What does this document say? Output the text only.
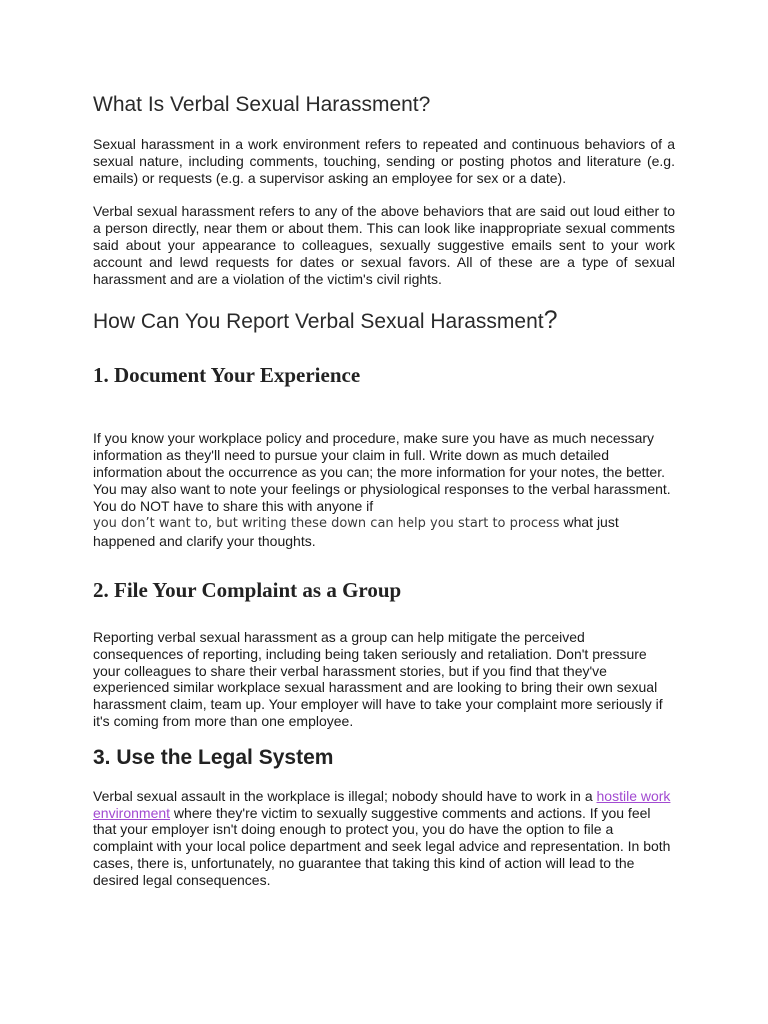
What Is Verbal Sexual Harassment?

Sexual harassment in a work environment refers to repeated and continuous behaviors of a sexual nature, including comments, touching, sending or posting photos and literature (e.g. emails) or requests (e.g. a supervisor asking an employee for sex or a date).

Verbal sexual harassment refers to any of the above behaviors that are said out loud either to a person directly, near them or about them. This can look like inappropriate sexual comments said about your appearance to colleagues, sexually suggestive emails sent to your work account and lewd requests for dates or sexual favors. All of these are a type of sexual harassment and are a violation of the victim's civil rights.

How Can You Report Verbal Sexual Harassment?
1. Document Your Experience

If you know your workplace policy and procedure, make sure you have as much necessary information as they'll need to pursue your claim in full. Write down as much detailed information about the occurrence as you can; the more information for your notes, the better. You may also want to note your feelings or physiological responses to the verbal harassment. You do NOT have to share this with anyone if
you don’t want to, but writing these down can help you start to process what just happened and clarify your thoughts.

2. File Your Complaint as a Group

Reporting verbal sexual harassment as a group can help mitigate the perceived consequences of reporting, including being taken seriously and retaliation. Don't pressure your colleagues to share their verbal harassment stories, but if you find that they've experienced similar workplace sexual harassment and are looking to bring their own sexual harassment claim, team up. Your employer will have to take your complaint more seriously if it's coming from more than one employee.

3. Use the Legal System

Verbal sexual assault in the workplace is illegal; nobody should have to work in a hostile work environment where they're victim to sexually suggestive comments and actions. If you feel that your employer isn't doing enough to protect you, you do have the option to file a complaint with your local police department and seek legal advice and representation. In both cases, there is, unfortunately, no guarantee that taking this kind of action will lead to the desired legal consequences.
